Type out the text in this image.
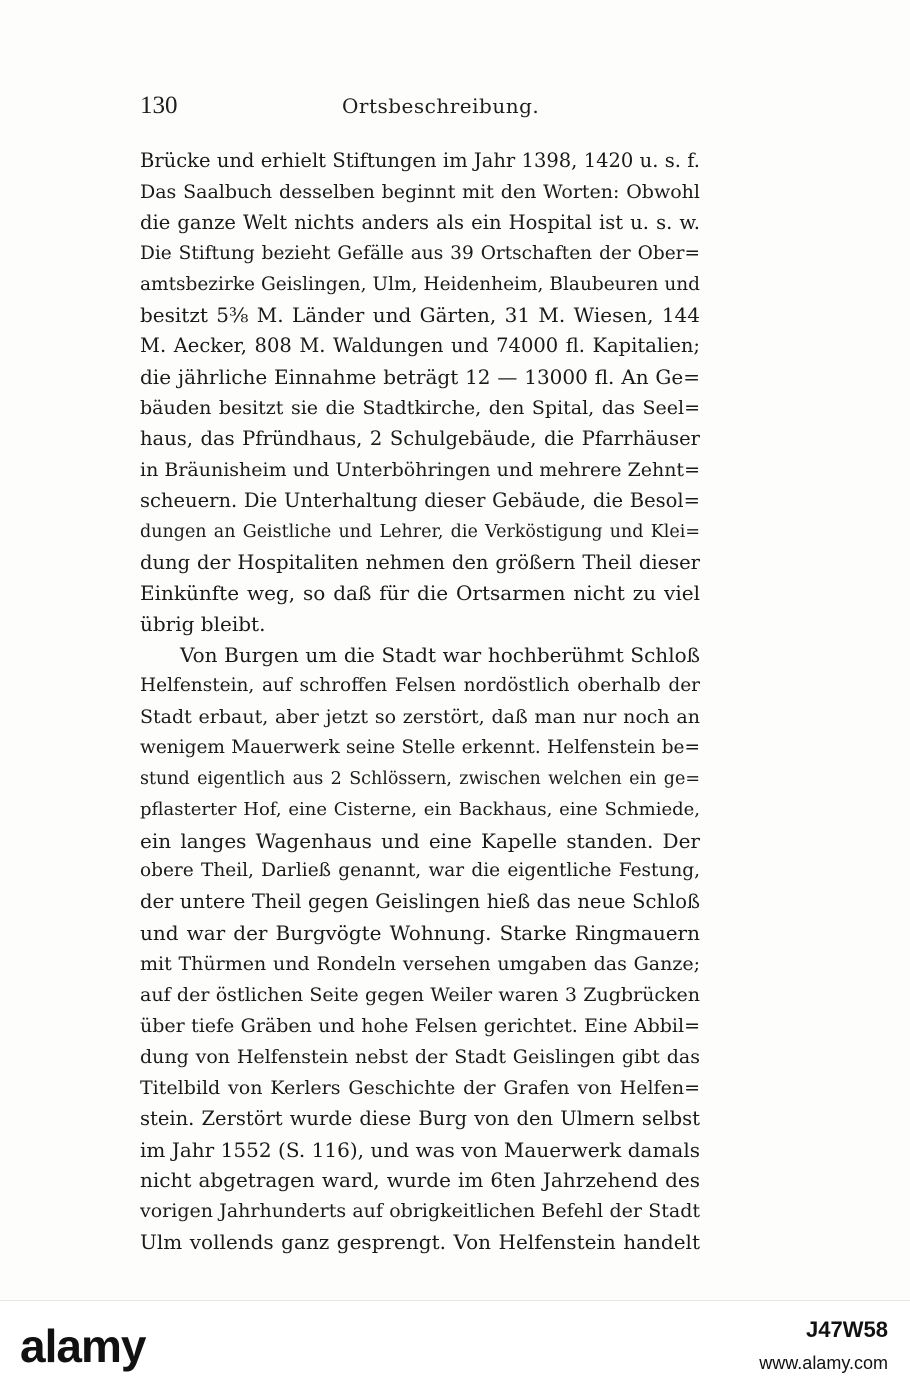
130	Ortsbeschreibung.
Brücke und erhielt Stiftungen im Jahr 1398, 1420 u. s. f.
Das Saalbuch desselben beginnt mit den Worten: Obwohl
die ganze Welt nichts anders als ein Hospital ist u. s. w.
Die Stiftung bezieht Gefälle aus 39 Ortschaften der Ober=
amtsbezirke Geislingen, Ulm, Heidenheim, Blaubeuren und
besitzt 5⅜ M. Länder und Gärten, 31 M. Wiesen, 144
M. Aecker, 808 M. Waldungen und 74000 fl. Kapitalien;
die jährliche Einnahme beträgt 12 — 13000 fl. An Ge=
bäuden besitzt sie die Stadtkirche, den Spital, das Seel=
haus, das Pfründhaus, 2 Schulgebäude, die Pfarrhäuser
in Bräunisheim und Unterböhringen und mehrere Zehnt=
scheuern. Die Unterhaltung dieser Gebäude, die Besol=
dungen an Geistliche und Lehrer, die Verköstigung und Klei=
dung der Hospitaliten nehmen den größern Theil dieser
Einkünfte weg, so daß für die Ortsarmen nicht zu viel
übrig bleibt.
Von Burgen um die Stadt war hochberühmt Schloß
Helfenstein, auf schroffen Felsen nordöstlich oberhalb der
Stadt erbaut, aber jetzt so zerstört, daß man nur noch an
wenigem Mauerwerk seine Stelle erkennt. Helfenstein be=
stund eigentlich aus 2 Schlössern, zwischen welchen ein ge=
pflasterter Hof, eine Cisterne, ein Backhaus, eine Schmiede,
ein langes Wagenhaus und eine Kapelle standen. Der
obere Theil, Darließ genannt, war die eigentliche Festung,
der untere Theil gegen Geislingen hieß das neue Schloß
und war der Burgvögte Wohnung. Starke Ringmauern
mit Thürmen und Rondeln versehen umgaben das Ganze;
auf der östlichen Seite gegen Weiler waren 3 Zugbrücken
über tiefe Gräben und hohe Felsen gerichtet. Eine Abbil=
dung von Helfenstein nebst der Stadt Geislingen gibt das
Titelbild von Kerlers Geschichte der Grafen von Helfen=
stein. Zerstört wurde diese Burg von den Ulmern selbst
im Jahr 1552 (S. 116), und was von Mauerwerk damals
nicht abgetragen ward, wurde im 6ten Jahrzehend des
vorigen Jahrhunderts auf obrigkeitlichen Befehl der Stadt
Ulm vollends ganz gesprengt. Von Helfenstein handelt
alamy	J47W58
www.alamy.com
